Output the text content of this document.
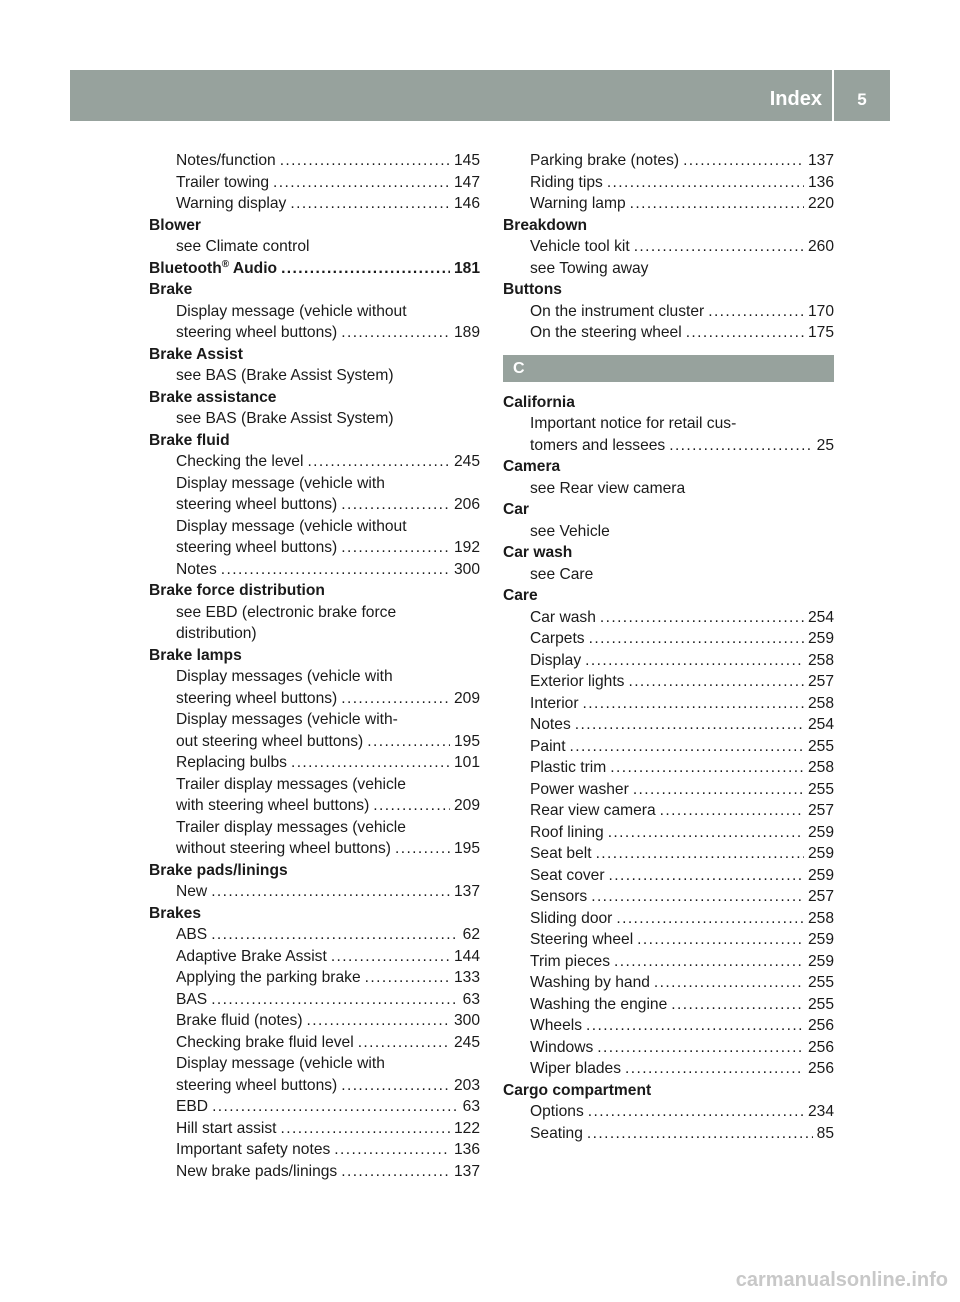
Index	5
Notes/function .....	145
Trailer towing .....	147
Warning display .....	146
Blower
see Climate control
Bluetooth® Audio .....	181
Brake
Display message (vehicle without
steering wheel buttons) .....	189
Brake Assist
see BAS (Brake Assist System)
Brake assistance
see BAS (Brake Assist System)
Brake fluid
Checking the level .....	245
Display message (vehicle with
steering wheel buttons) .....	206
Display message (vehicle without
steering wheel buttons) .....	192
Notes .....	300
Brake force distribution
see EBD (electronic brake force
distribution)
Brake lamps
Display messages (vehicle with
steering wheel buttons) .....	209
Display messages (vehicle with-
out steering wheel buttons) .....	195
Replacing bulbs .....	101
Trailer display messages (vehicle
with steering wheel buttons) .....	209
Trailer display messages (vehicle
without steering wheel buttons) .....	195
Brake pads/linings
New .....	137
Brakes
ABS .....	62
Adaptive Brake Assist .....	144
Applying the parking brake .....	133
BAS .....	63
Brake fluid (notes) .....	300
Checking brake fluid level .....	245
Display message (vehicle with
steering wheel buttons) .....	203
EBD .....	63
Hill start assist .....	122
Important safety notes .....	136
New brake pads/linings .....	137
Parking brake (notes) .....	137
Riding tips .....	136
Warning lamp .....	220
Breakdown
Vehicle tool kit .....	260
see Towing away
Buttons
On the instrument cluster .....	170
On the steering wheel .....	175
C
California
Important notice for retail cus-
tomers and lessees .....	25
Camera
see Rear view camera
Car
see Vehicle
Car wash
see Care
Care
Car wash .....	254
Carpets .....	259
Display .....	258
Exterior lights .....	257
Interior .....	258
Notes .....	254
Paint .....	255
Plastic trim .....	258
Power washer .....	255
Rear view camera .....	257
Roof lining .....	259
Seat belt .....	259
Seat cover .....	259
Sensors .....	257
Sliding door .....	258
Steering wheel .....	259
Trim pieces .....	259
Washing by hand .....	255
Washing the engine .....	255
Wheels .....	256
Windows .....	256
Wiper blades .....	256
Cargo compartment
Options .....	234
Seating .....	85
carmanualsonline.info
